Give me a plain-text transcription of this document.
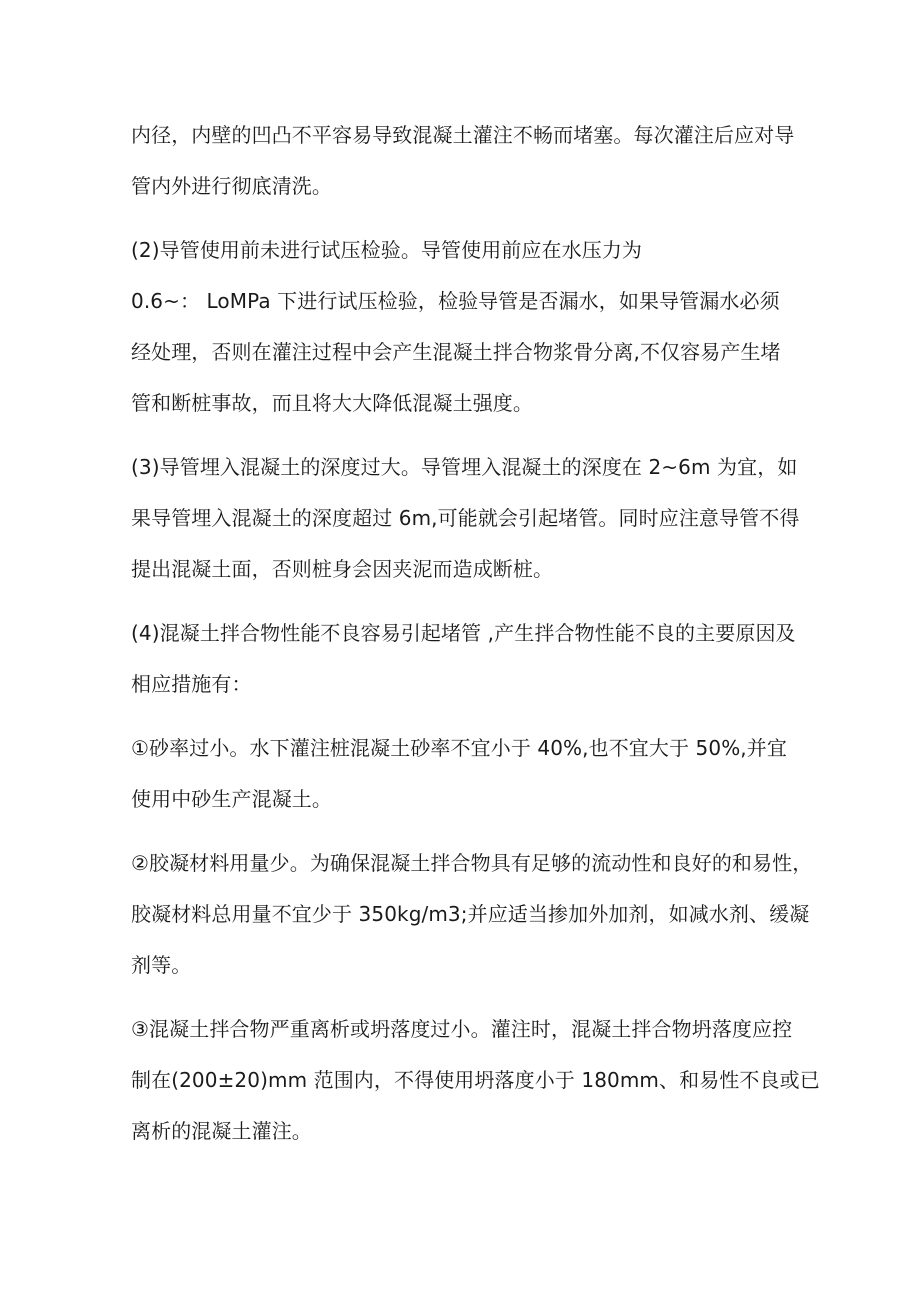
内径，内壁的凹凸不平容易导致混凝土灌注不畅而堵塞。每次灌注后应对导
管内外进行彻底清洗。
(2)导管使用前未进行试压检验。导管使用前应在水压力为
0.6~： LoMPa 下进行试压检验，检验导管是否漏水，如果导管漏水必须
经处理，否则在灌注过程中会产生混凝土拌合物浆骨分离,不仅容易产生堵
管和断桩事故，而且将大大降低混凝土强度。
(3)导管埋入混凝土的深度过大。导管埋入混凝土的深度在 2~6m 为宜，如
果导管埋入混凝土的深度超过 6m,可能就会引起堵管。同时应注意导管不得
提出混凝土面，否则桩身会因夹泥而造成断桩。
(4)混凝土拌合物性能不良容易引起堵管 ,产生拌合物性能不良的主要原因及
相应措施有：
①砂率过小。水下灌注桩混凝土砂率不宜小于 40%,也不宜大于 50%,并宜
使用中砂生产混凝土。
②胶凝材料用量少。为确保混凝土拌合物具有足够的流动性和良好的和易性，
胶凝材料总用量不宜少于 350kg/m3;并应适当掺加外加剂，如减水剂、缓凝
剂等。
③混凝土拌合物严重离析或坍落度过小。灌注时，混凝土拌合物坍落度应控
制在(200±20)mm 范围内，不得使用坍落度小于 180mm、和易性不良或已
离析的混凝土灌注。
